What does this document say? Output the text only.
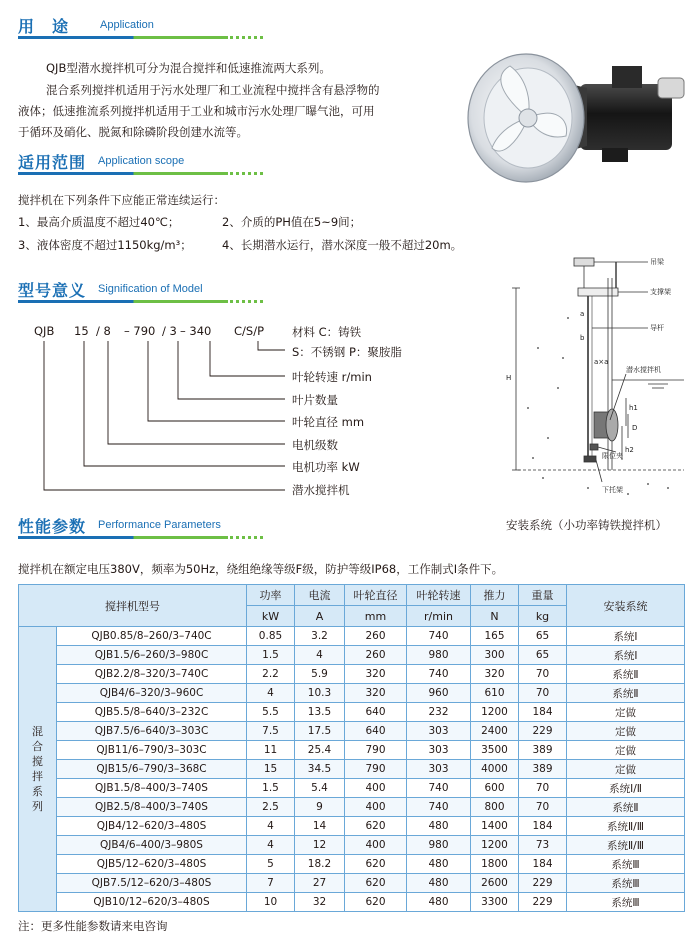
用　途	Application
QJB型潜水搅拌机可分为混合搅拌和低速推流两大系列。
混合系列搅拌机适用于污水处理厂和工业流程中搅拌含有悬浮物的
液体；低速推流系列搅拌机适用于工业和城市污水处理厂曝气池，可用
于循环及硝化、脱氮和除磷阶段创建水流等。
适用范围 Application scope
搅拌机在下列条件下应能正常连续运行：
1、最高介质温度不超过40℃；	2、介质的PH值在5~9间；
3、液体密度不超过1150kg/m³；	4、长期潜水运行，潜水深度一般不超过20m。
型号意义 Signification of Model
QJB 15 / 8 – 790 / 3 – 340 C/S/P 材料 C：铸铁
S：不锈钢 P：聚胺脂
叶轮转速 r/min
叶片数量
叶轮直径 mm
电机级数
电机功率 kW
潜水搅拌机
吊梁
支撑架
导杆
潜水搅拌机
限位夹
下托架
H
h1
h2
D
a
b
a×a
安装系统（小功率铸铁搅拌机）
性能参数 Performance Parameters
搅拌机在额定电压380V，频率为50Hz，绕组绝缘等级F级，防护等级IP68，工作制式Ⅰ条件下。
搅拌机型号		功率	电流	叶轮直径	叶轮转速	推力	重量	安装系统
		kW	A	mm	r/min	N	kg	
混合搅拌系列	QJB0.85/8–260/3–740C	0.85	3.2	260	740	165	65	系统Ⅰ
	QJB1.5/6–260/3–980C	1.5	4	260	980	300	65	系统Ⅰ
	QJB2.2/8–320/3–740C	2.2	5.9	320	740	320	70	系统Ⅱ
	QJB4/6–320/3–960C	4	10.3	320	960	610	70	系统Ⅱ
	QJB5.5/8–640/3–232C	5.5	13.5	640	232	1200	184	定做
	QJB7.5/6–640/3–303C	7.5	17.5	640	303	2400	229	定做
	QJB11/6–790/3–303C	11	25.4	790	303	3500	389	定做
	QJB15/6–790/3–368C	15	34.5	790	303	4000	389	定做
	QJB1.5/8–400/3–740S	1.5	5.4	400	740	600	70	系统Ⅰ/Ⅱ
	QJB2.5/8–400/3–740S	2.5	9	400	740	800	70	系统Ⅱ
	QJB4/12–620/3–480S	4	14	620	480	1400	184	系统Ⅱ/Ⅲ
	QJB4/6–400/3–980S	4	12	400	980	1200	73	系统Ⅱ/Ⅲ
	QJB5/12–620/3–480S	5	18.2	620	480	1800	184	系统Ⅲ
	QJB7.5/12–620/3–480S	7	27	620	480	2600	229	系统Ⅲ
	QJB10/12–620/3–480S	10	32	620	480	3300	229	系统Ⅲ
注：更多性能参数请来电咨询
